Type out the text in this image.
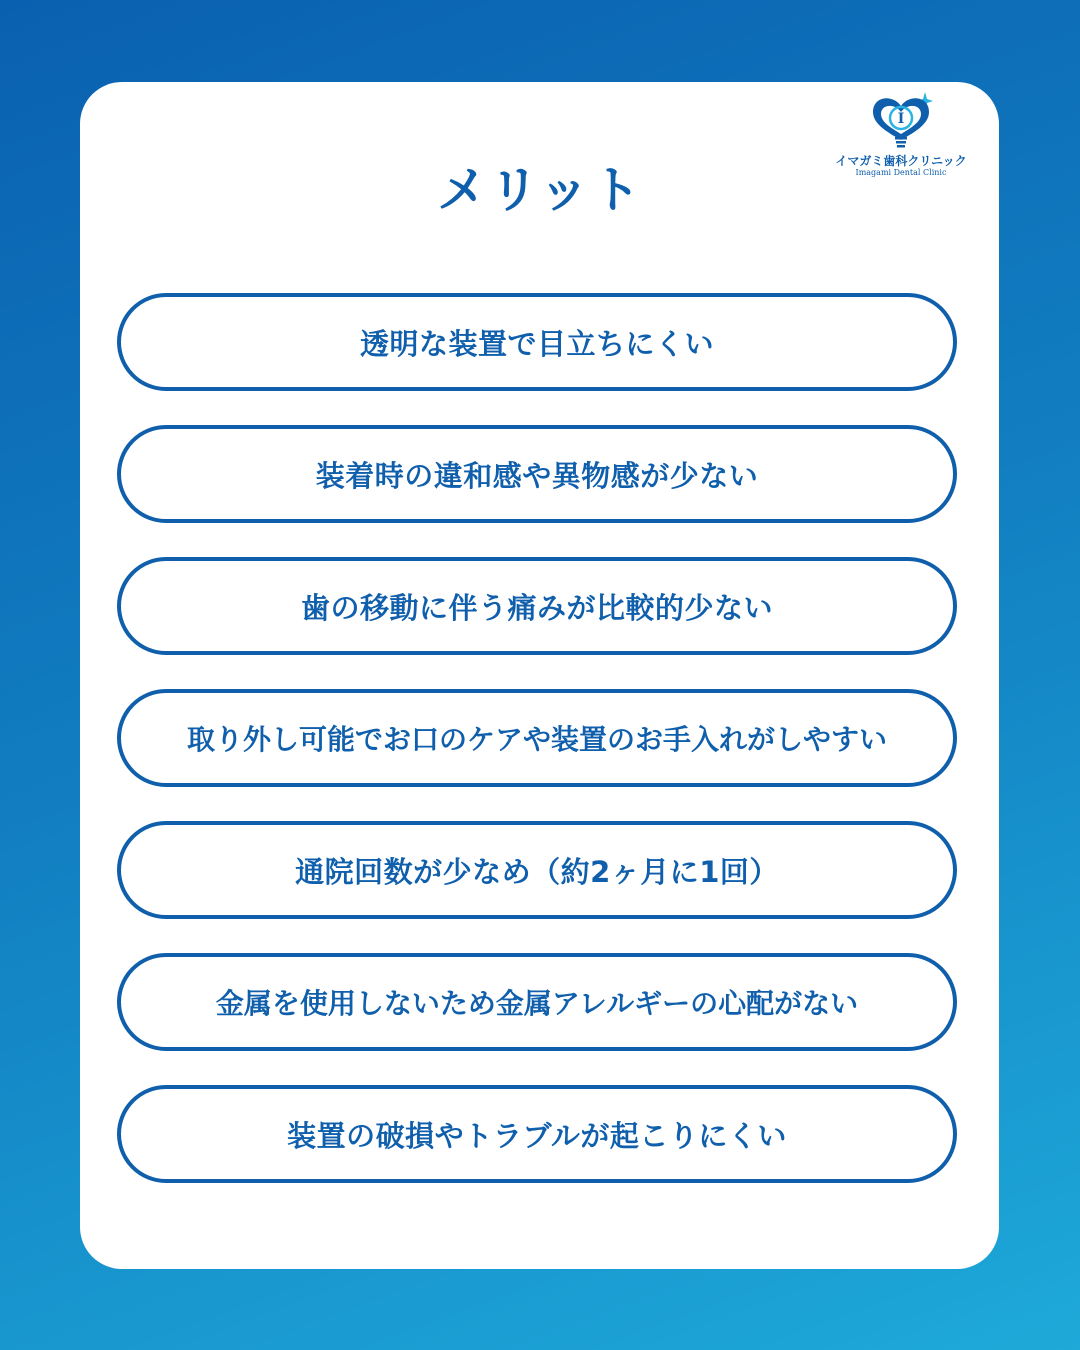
メリット
I
イマガミ歯科クリニック
Imagami Dental Clinic
透明な装置で目立ちにくい
装着時の違和感や異物感が少ない
歯の移動に伴う痛みが比較的少ない
取り外し可能でお口のケアや装置のお手入れがしやすい
通院回数が少なめ（約2ヶ月に1回）
金属を使用しないため金属アレルギーの心配がない
装置の破損やトラブルが起こりにくい
